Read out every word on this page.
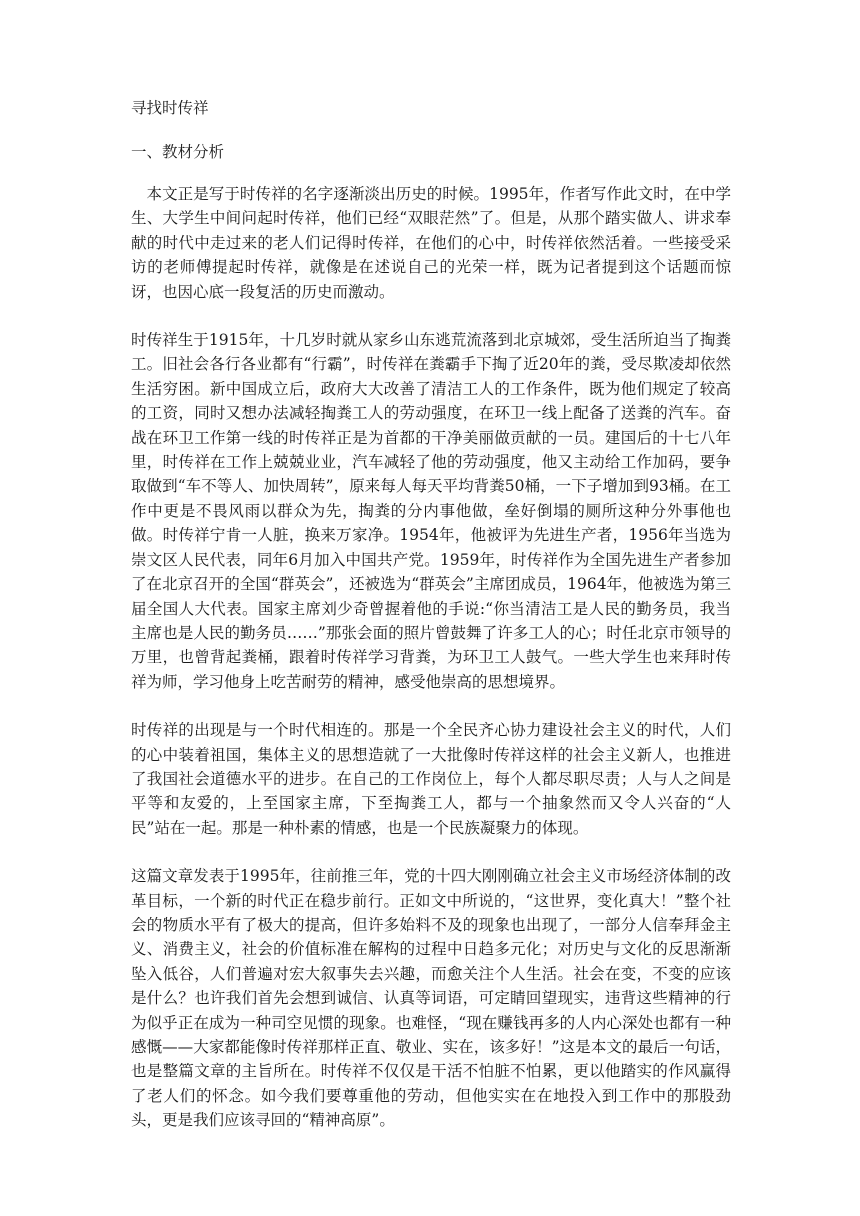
寻找时传祥
一、教材分析

本文正是写于时传祥的名字逐渐淡出历史的时候。1995年，作者写作此文时，在中学生、大学生中间问起时传祥，他们已经“双眼茫然”了。但是，从那个踏实做人、讲求奉献的时代中走过来的老人们记得时传祥，在他们的心中，时传祥依然活着。一些接受采访的老师傅提起时传祥，就像是在述说自己的光荣一样，既为记者提到这个话题而惊讶，也因心底一段复活的历史而激动。

时传祥生于1915年，十几岁时就从家乡山东逃荒流落到北京城郊，受生活所迫当了掏粪工。旧社会各行各业都有“行霸”，时传祥在粪霸手下掏了近20年的粪，受尽欺凌却依然生活穷困。新中国成立后，政府大大改善了清洁工人的工作条件，既为他们规定了较高的工资，同时又想办法减轻掏粪工人的劳动强度，在环卫一线上配备了送粪的汽车。奋战在环卫工作第一线的时传祥正是为首都的干净美丽做贡献的一员。建国后的十七八年里，时传祥在工作上兢兢业业，汽车减轻了他的劳动强度，他又主动给工作加码，要争取做到“车不等人、加快周转”，原来每人每天平均背粪50桶，一下子增加到93桶。在工作中更是不畏风雨以群众为先，掏粪的分内事他做，垒好倒塌的厕所这种分外事他也做。时传祥宁肯一人脏，换来万家净。1954年，他被评为先进生产者，1956年当选为崇文区人民代表，同年6月加入中国共产党。1959年，时传祥作为全国先进生产者参加了在北京召开的全国“群英会”，还被选为“群英会”主席团成员，1964年，他被选为第三届全国人大代表。国家主席刘少奇曾握着他的手说:“你当清洁工是人民的勤务员，我当主席也是人民的勤务员……”那张会面的照片曾鼓舞了许多工人的心；时任北京市领导的万里，也曾背起粪桶，跟着时传祥学习背粪，为环卫工人鼓气。一些大学生也来拜时传祥为师，学习他身上吃苦耐劳的精神，感受他崇高的思想境界。

时传祥的出现是与一个时代相连的。那是一个全民齐心协力建设社会主义的时代，人们的心中装着祖国，集体主义的思想造就了一大批像时传祥这样的社会主义新人，也推进了我国社会道德水平的进步。在自己的工作岗位上，每个人都尽职尽责；人与人之间是平等和友爱的，上至国家主席，下至掏粪工人，都与一个抽象然而又令人兴奋的“人民”站在一起。那是一种朴素的情感，也是一个民族凝聚力的体现。

这篇文章发表于1995年，往前推三年，党的十四大刚刚确立社会主义市场经济体制的改革目标，一个新的时代正在稳步前行。正如文中所说的，“这世界，变化真大！”整个社会的物质水平有了极大的提高，但许多始料不及的现象也出现了，一部分人信奉拜金主义、消费主义，社会的价值标准在解构的过程中日趋多元化；对历史与文化的反思渐渐坠入低谷，人们普遍对宏大叙事失去兴趣，而愈关注个人生活。社会在变，不变的应该是什么？也许我们首先会想到诚信、认真等词语，可定睛回望现实，违背这些精神的行为似乎正在成为一种司空见惯的现象。也难怪，“现在赚钱再多的人内心深处也都有一种感慨——大家都能像时传祥那样正直、敬业、实在，该多好！”这是本文的最后一句话，也是整篇文章的主旨所在。时传祥不仅仅是干活不怕脏不怕累，更以他踏实的作风赢得了老人们的怀念。如今我们要尊重他的劳动，但他实实在在地投入到工作中的那股劲头，更是我们应该寻回的“精神高原”。
